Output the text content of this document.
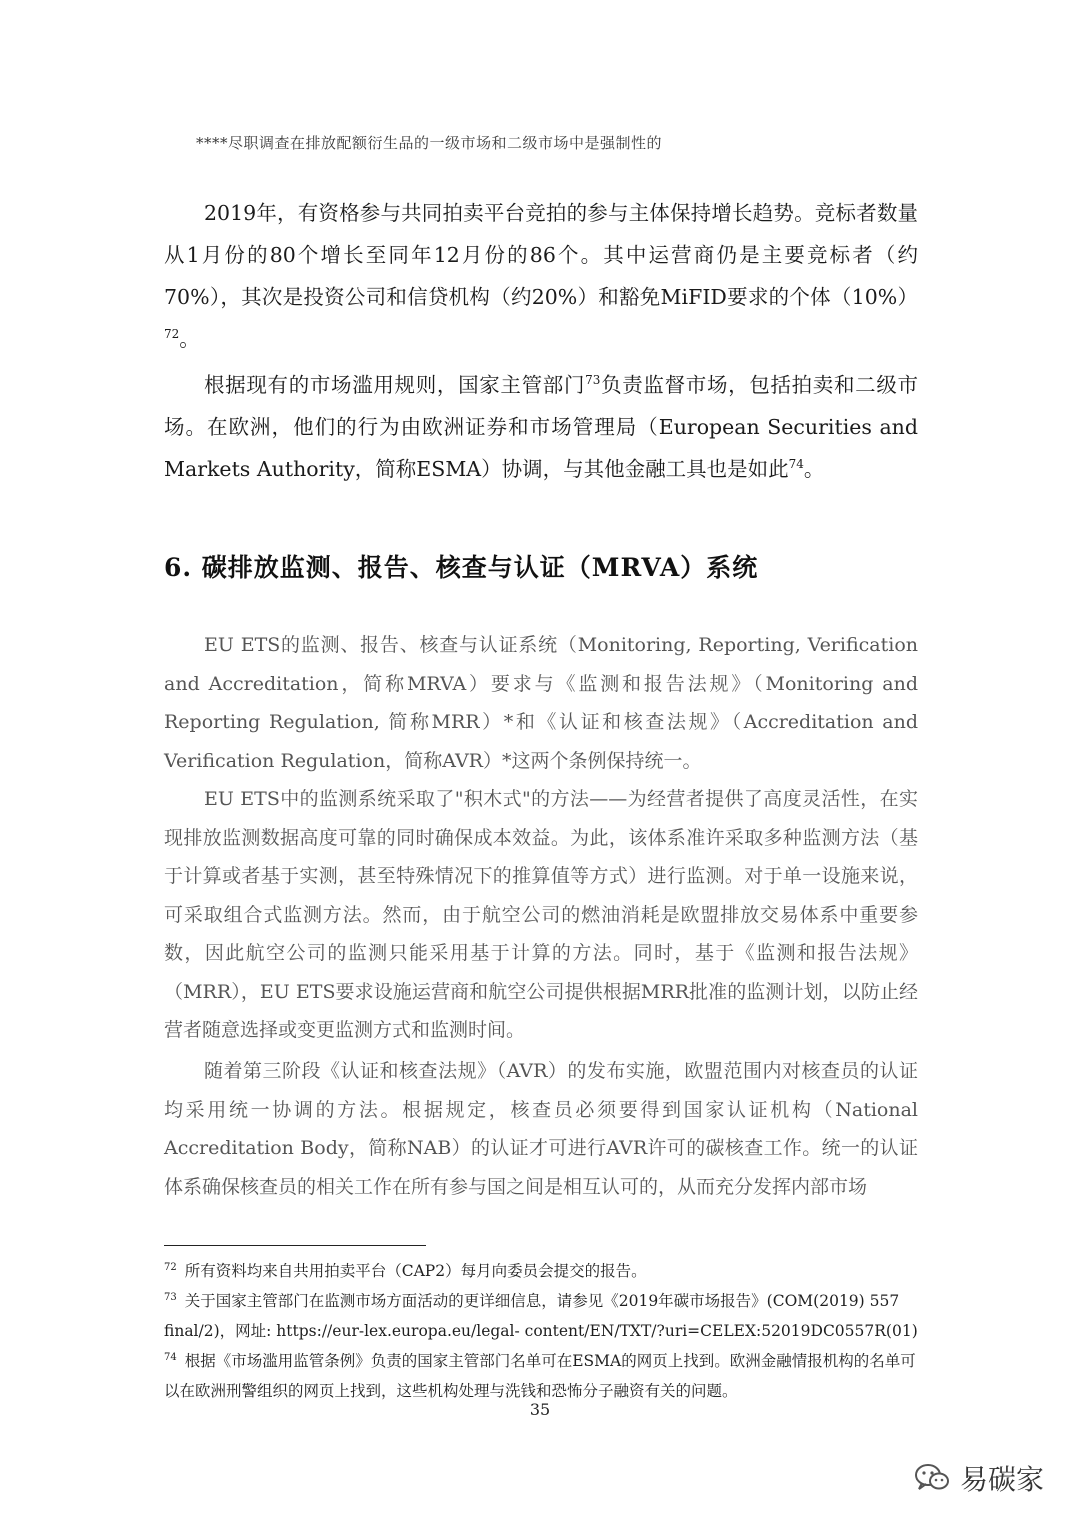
****尽职调查在排放配额衍生品的一级市场和二级市场中是强制性的

2019年，有资格参与共同拍卖平台竞拍的参与主体保持增长趋势。竞标者数量从1月份的80个增长至同年12月份的86个。其中运营商仍是主要竞标者（约70%），其次是投资公司和信贷机构（约20%）和豁免MiFID要求的个体$(10\%)^{72}$。

根据现有的市场滥用规则，国家主管部门$^{73}$负责监督市场，包括拍卖和二级市场。在欧洲，他们的行为由欧洲证券和市场管理局（European Securities and Markets Authority，简称ESMA）协调，与其他金融工具也是如此$^{74}$。

6. 碳排放监测、报告、核查与认证（MRVA）系统

EU ETS的监测、报告、核查与认证系统（Monitoring, Reporting, Verification and Accreditation，简称MRVA）要求与《监测和报告法规》（Monitoring and Reporting Regulation, 简称MRR）*和《认证和核查法规》（Accreditation and Verification Regulation，简称AVR）*这两个条例保持统一。

EU ETS中的监测系统采取了"积木式"的方法——为经营者提供了高度灵活性，在实现排放监测数据高度可靠的同时确保成本效益。为此，该体系准许采取多种监测方法（基于计算或者基于实测，甚至特殊情况下的推算值等方式）进行监测。对于单一设施来说，可采取组合式监测方法。然而，由于航空公司的燃油消耗是欧盟排放交易体系中重要参数，因此航空公司的监测只能采用基于计算的方法。同时，基于《监测和报告法规》（MRR），EU ETS要求设施运营商和航空公司提供根据MRR批准的监测计划，以防止经营者随意选择或变更监测方式和监测时间。

随着第三阶段《认证和核查法规》（AVR）的发布实施，欧盟范围内对核查员的认证均采用统一协调的方法。根据规定，核查员必须要得到国家认证机构（National Accreditation Body，简称NAB）的认证才可进行AVR许可的碳核查工作。统一的认证体系确保核查员的相关工作在所有参与国之间是相互认可的，从而充分发挥内部市场

$^{72}$ 所有资料均来自共用拍卖平台（CAP2）每月向委员会提交的报告。

$^{73}$ 关于国家主管部门在监测市场方面活动的更详细信息，请参见《2019年碳市场报告》(COM(2019) 557 final/2)，网址: https://eur-lex.europa.eu/legal- content/EN/TXT/?uri=CELEX:52019DC0557R(01)

$^{74}$ 根据《市场滥用监管条例》负责的国家主管部门名单可在ESMA的网页上找到。欧洲金融情报机构的名单可以在欧洲刑警组织的网页上找到，这些机构处理与洗钱和恐怖分子融资有关的问题。

35
易碳家
